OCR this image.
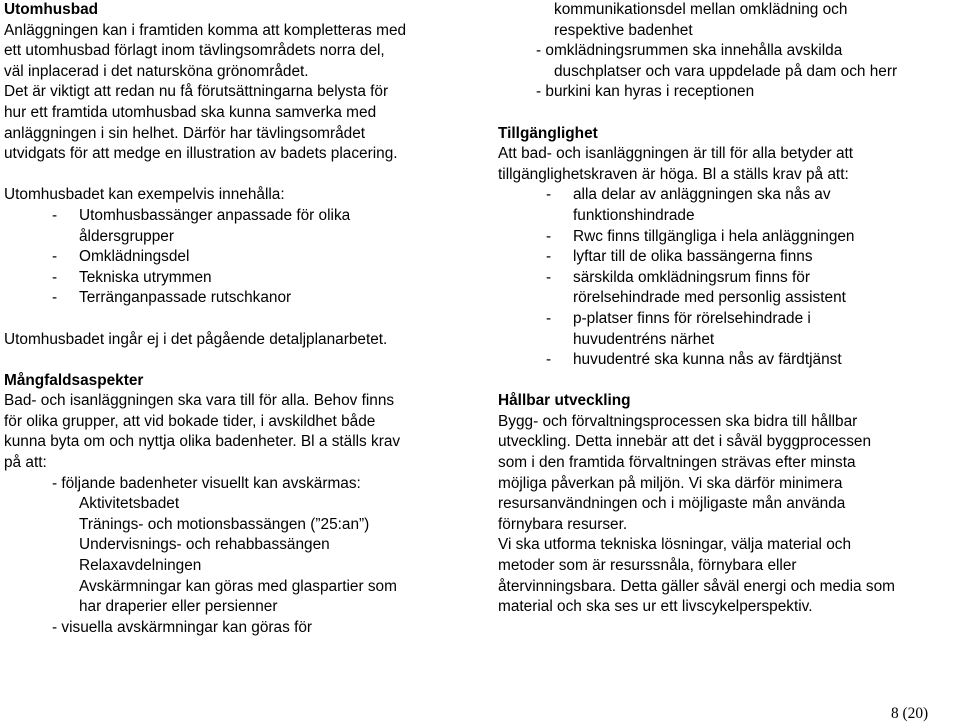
Utomhusbad
Anläggningen kan i framtiden komma att kompletteras med
ett utomhusbad förlagt inom tävlingsområdets norra del,
väl inplacerad i det natursköna grönområdet.
Det är viktigt att redan nu få förutsättningarna belysta för
hur ett framtida utomhusbad ska kunna samverka med
anläggningen i sin helhet. Därför har tävlingsområdet
utvidgats för att medge en illustration av badets placering.
Utomhusbadet kan exempelvis innehålla:
-	Utomhusbassänger anpassade för olika
åldersgrupper
-	Omklädningsdel
-	Tekniska utrymmen
-	Terränganpassade rutschkanor
Utomhusbadet ingår ej i det pågående detaljplanarbetet.
Mångfaldsaspekter
Bad- och isanläggningen ska vara till för alla. Behov finns
för olika grupper, att vid bokade tider, i avskildhet både
kunna byta om och nyttja olika badenheter. Bl a ställs krav
på att:
- följande badenheter visuellt kan avskärmas:
Aktivitetsbadet
Tränings- och motionsbassängen (”25:an”)
Undervisnings- och rehabbassängen
Relaxavdelningen
Avskärmningar kan göras med glaspartier som
har draperier eller persienner
- visuella avskärmningar kan göras för
kommunikationsdel mellan omklädning och
respektive badenhet
- omklädningsrummen ska innehålla avskilda
duschplatser och vara uppdelade på dam och herr
- burkini kan hyras i receptionen
Tillgänglighet
Att bad- och isanläggningen är till för alla betyder att
tillgänglighetskraven är höga. Bl a ställs krav på att:
-	alla delar av anläggningen ska nås av
funktionshindrade
-	Rwc finns tillgängliga i hela anläggningen
-	lyftar till de olika bassängerna finns
-	särskilda omklädningsrum finns för
rörelsehindrade med personlig assistent
-	p-platser finns för rörelsehindrade i
huvudentréns närhet
-	huvudentré ska kunna nås av färdtjänst
Hållbar utveckling
Bygg- och förvaltningsprocessen ska bidra till hållbar
utveckling. Detta innebär att det i såväl byggprocessen
som i den framtida förvaltningen strävas efter minsta
möjliga påverkan på miljön. Vi ska därför minimera
resursanvändningen och i möjligaste mån använda
förnybara resurser.
Vi ska utforma tekniska lösningar, välja material och
metoder som är resurssnåla, förnybara eller
återvinningsbara. Detta gäller såväl energi och media som
material och ska ses ur ett livscykelperspektiv.
8 (20)
